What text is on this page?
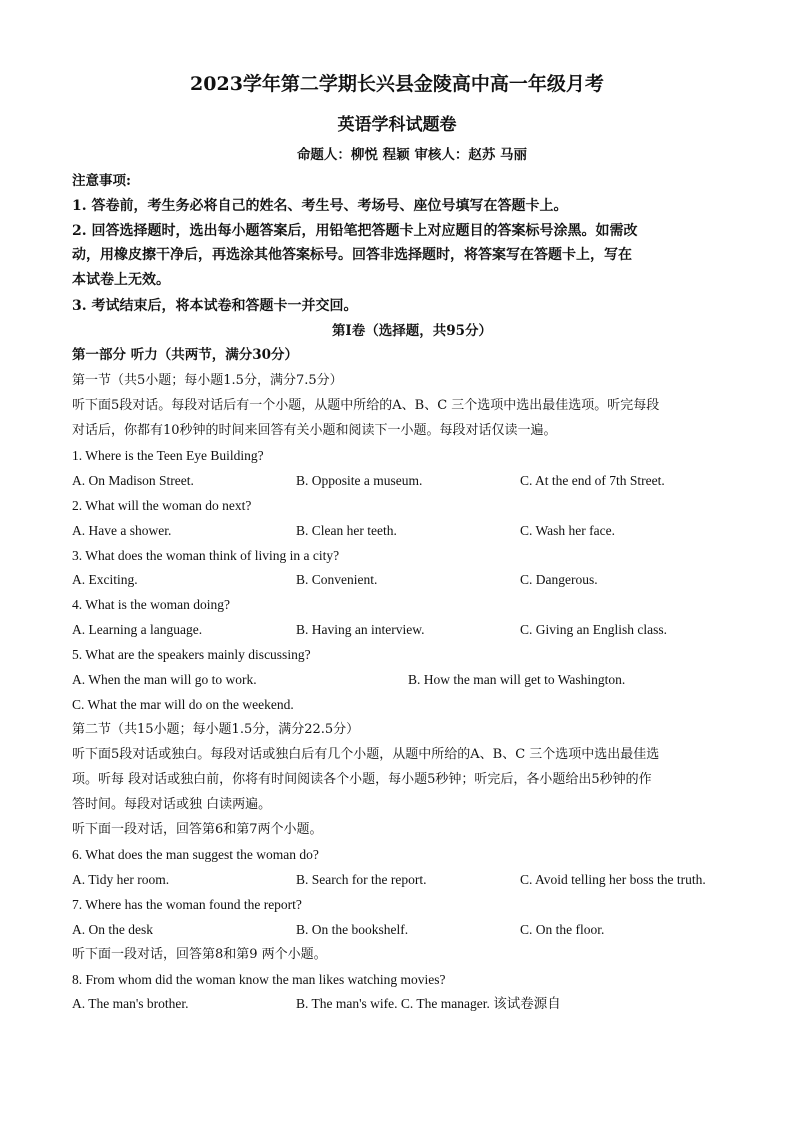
2023学年第二学期长兴县金陵高中高一年级月考
英语学科试题卷
命题人：柳悦 程颖 审核人：赵苏 马丽
注意事项:
1. 答卷前，考生务必将自己的姓名、考生号、考场号、座位号填写在答题卡上。
2. 回答选择题时，选出每小题答案后，用铅笔把答题卡上对应题目的答案标号涂黑。如需改
动，用橡皮擦干净后，再选涂其他答案标号。回答非选择题时，将答案写在答题卡上，写在
本试卷上无效。
3. 考试结束后，将本试卷和答题卡一并交回。
第Ⅰ卷（选择题，共95分）
第一部分 听力（共两节，满分30分）
第一节（共5小题；每小题1.5分，满分7.5分）
听下面5段对话。每段对话后有一个小题，从题中所给的A、B、C 三个选项中选出最佳选项。听完每段
对话后，你都有10秒钟的时间来回答有关小题和阅读下一小题。每段对话仅读一遍。
1. Where is the Teen Eye Building?
A. On Madison Street.	B. Opposite a museum.	C. At the end of 7th Street.
2. What will the woman do next?
A. Have a shower.	B. Clean her teeth.	C. Wash her face.
3. What does the woman think of living in a city?
A. Exciting.	B. Convenient.	C. Dangerous.
4. What is the woman doing?
A. Learning a language.	B. Having an interview.	C. Giving an English class.
5. What are the speakers mainly discussing?
A. When the man will go to work.	B. How the man will get to Washington.
C. What the mar will do on the weekend.
第二节（共15小题；每小题1.5分，满分22.5分）
听下面5段对话或独白。每段对话或独白后有几个小题，从题中所给的A、B、C 三个选项中选出最佳选
项。听每 段对话或独白前，你将有时间阅读各个小题，每小题5秒钟；听完后，各小题给出5秒钟的作
答时间。每段对话或独 白读两遍。
听下面一段对话，回答第6和第7两个小题。
6. What does the man suggest the woman do?
A. Tidy her room.	B. Search for the report.	C. Avoid telling her boss the truth.
7. Where has the woman found the report?
A. On the desk	B. On the bookshelf.	C. On the floor.
听下面一段对话，回答第8和第9 两个小题。
8. From whom did the woman know the man likes watching movies?
A. The man's brother.	B. The man's wife. C. The manager. 该试卷源自
